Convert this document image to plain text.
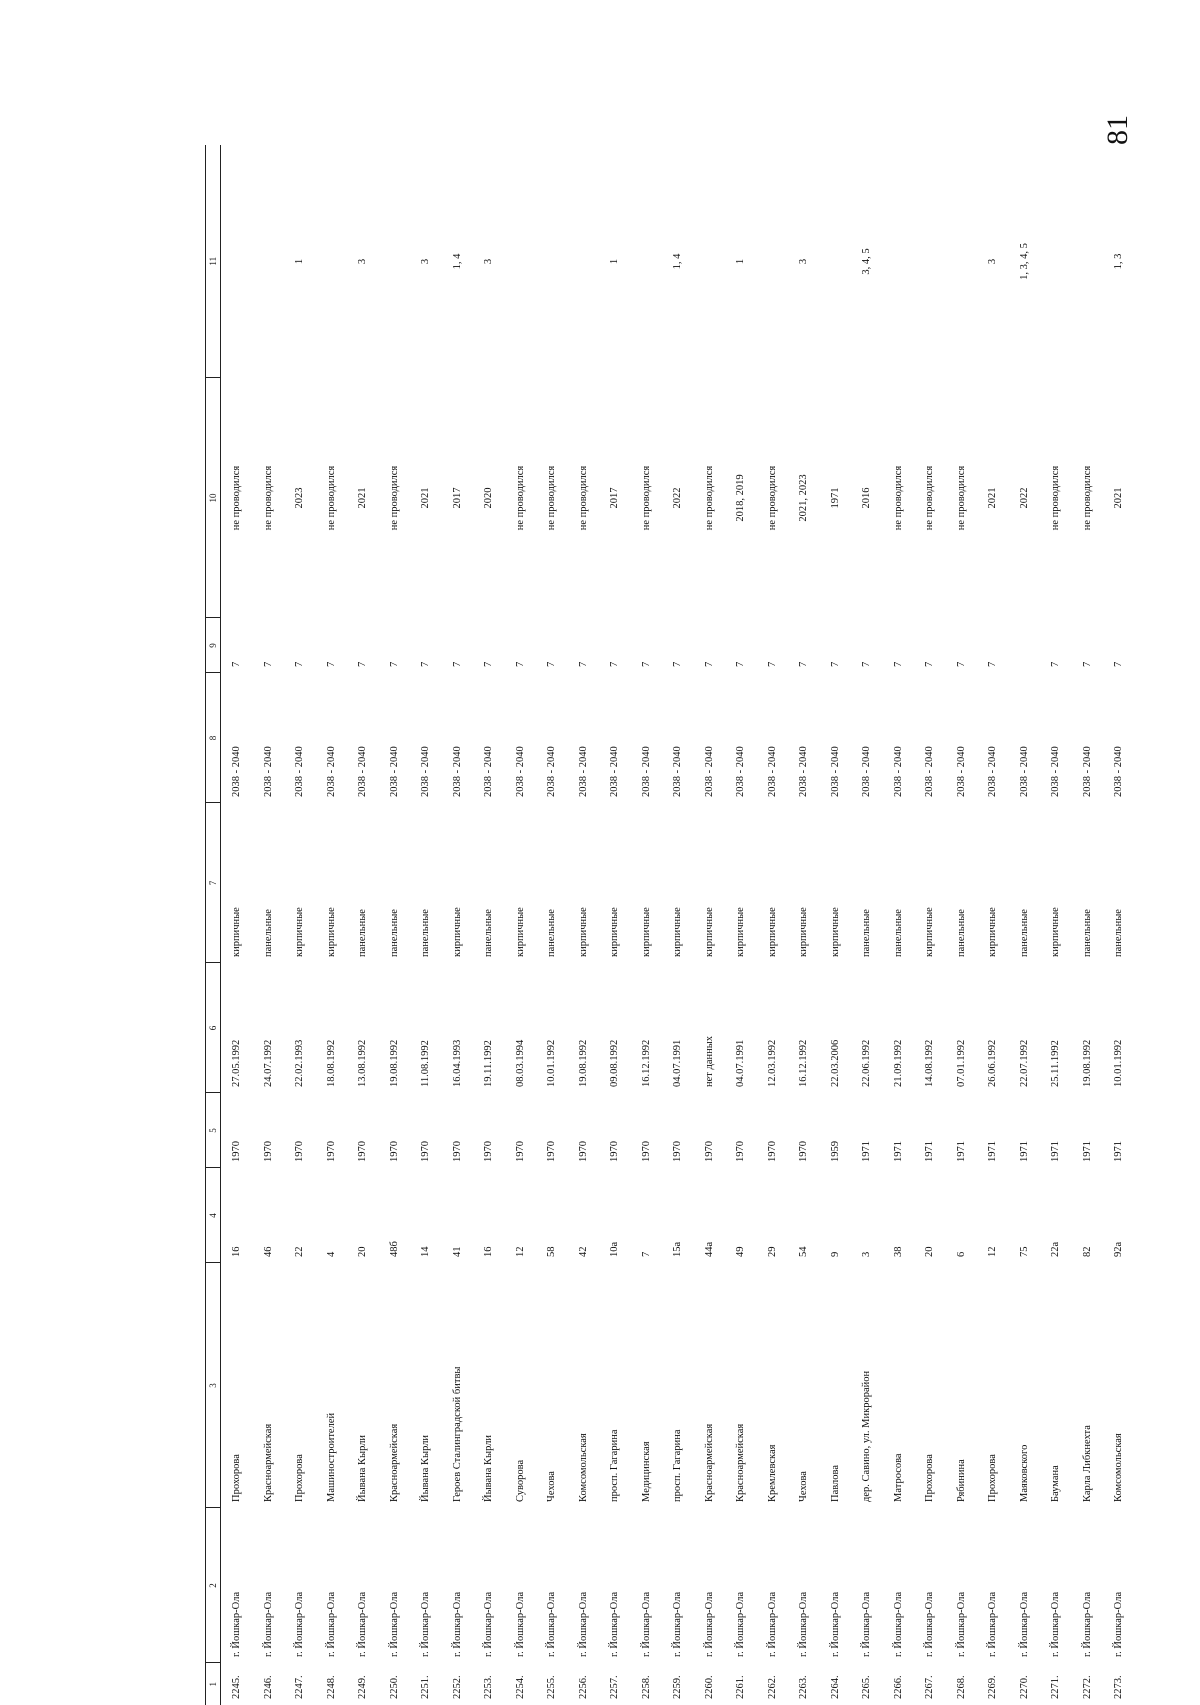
81
1	2	3	4	5	6	7	8	9	10	11
2245.	г. Йошкар-Ола	Прохорова	16	1970	27.05.1992	кирпичные	2038 - 2040	7	не проводился	
2246.	г. Йошкар-Ола	Красноармейская	46	1970	24.07.1992	панельные	2038 - 2040	7	не проводился	
2247.	г. Йошкар-Ола	Прохорова	22	1970	22.02.1993	кирпичные	2038 - 2040	7	2023	1
2248.	г. Йошкар-Ола	Машиностроителей	4	1970	18.08.1992	кирпичные	2038 - 2040	7	не проводился	
2249.	г. Йошкар-Ола	Йывана Кырли	20	1970	13.08.1992	панельные	2038 - 2040	7	2021	3
2250.	г. Йошкар-Ола	Красноармейская	48б	1970	19.08.1992	панельные	2038 - 2040	7	не проводился	
2251.	г. Йошкар-Ола	Йывана Кырли	14	1970	11.08.1992	панельные	2038 - 2040	7	2021	3
2252.	г. Йошкар-Ола	Героев Сталинградской битвы	41	1970	16.04.1993	кирпичные	2038 - 2040	7	2017	1, 4
2253.	г. Йошкар-Ола	Йывана Кырли	16	1970	19.11.1992	панельные	2038 - 2040	7	2020	3
2254.	г. Йошкар-Ола	Суворова	12	1970	08.03.1994	кирпичные	2038 - 2040	7	не проводился	
2255.	г. Йошкар-Ола	Чехова	58	1970	10.01.1992	панельные	2038 - 2040	7	не проводился	
2256.	г. Йошкар-Ола	Комсомольская	42	1970	19.08.1992	кирпичные	2038 - 2040	7	не проводился	
2257.	г. Йошкар-Ола	просп. Гагарина	10а	1970	09.08.1992	кирпичные	2038 - 2040	7	2017	1
2258.	г. Йошкар-Ола	Медицинская	7	1970	16.12.1992	кирпичные	2038 - 2040	7	не проводился	
2259.	г. Йошкар-Ола	просп. Гагарина	15а	1970	04.07.1991	кирпичные	2038 - 2040	7	2022	1, 4
2260.	г. Йошкар-Ола	Красноармейская	44а	1970	нет данных	кирпичные	2038 - 2040	7	не проводился	
2261.	г. Йошкар-Ола	Красноармейская	49	1970	04.07.1991	кирпичные	2038 - 2040	7	2018, 2019	1
2262.	г. Йошкар-Ола	Кремлевская	29	1970	12.03.1992	кирпичные	2038 - 2040	7	не проводился	
2263.	г. Йошкар-Ола	Чехова	54	1970	16.12.1992	кирпичные	2038 - 2040	7	2021, 2023	3
2264.	г. Йошкар-Ола	Павлова	9	1959	22.03.2006	кирпичные	2038 - 2040	7	1971	
2265.	г. Йошкар-Ола	дер. Савино, ул. Микрорайон	3	1971	22.06.1992	панельные	2038 - 2040	7	2016	3, 4, 5
2266.	г. Йошкар-Ола	Матросова	38	1971	21.09.1992	панельные	2038 - 2040	7	не проводился	
2267.	г. Йошкар-Ола	Прохорова	20	1971	14.08.1992	кирпичные	2038 - 2040	7	не проводился	
2268.	г. Йошкар-Ола	Рябинина	6	1971	07.01.1992	панельные	2038 - 2040	7	не проводился	
2269.	г. Йошкар-Ола	Прохорова	12	1971	26.06.1992	кирпичные	2038 - 2040	7	2021	3
2270.	г. Йошкар-Ола	Маяковского	75	1971	22.07.1992	панельные	2038 - 2040		2022	1, 3, 4, 5
2271.	г. Йошкар-Ола	Баумана	22а	1971	25.11.1992	кирпичные	2038 - 2040	7	не проводился	
2272.	г. Йошкар-Ола	Карла Либкнехта	82	1971	19.08.1992	панельные	2038 - 2040	7	не проводился	
2273.	г. Йошкар-Ола	Комсомольская	92а	1971	10.01.1992	панельные	2038 - 2040	7	2021	1, 3
